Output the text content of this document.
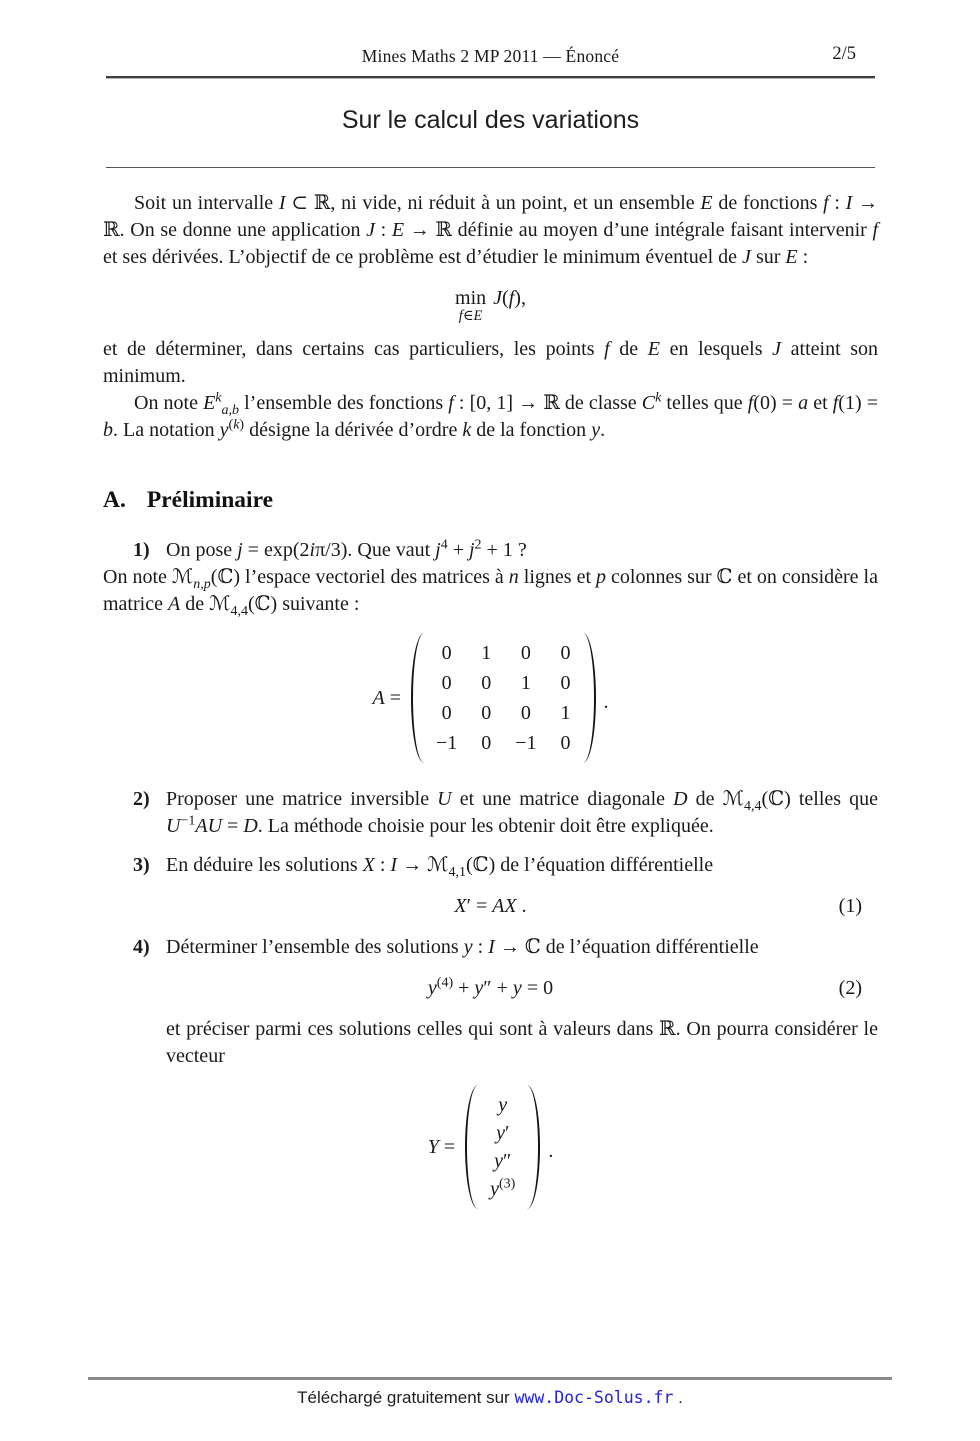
Mines Maths 2 MP 2011 — Énoncé	2/5
Sur le calcul des variations

Soit un intervalle I ⊂ ℝ, ni vide, ni réduit à un point, et un ensemble E de fonctions f : I → ℝ. On se donne une application J : E → ℝ définie au moyen d’une intégrale faisant intervenir f et ses dérivées. L’objectif de ce problème est d’étudier le minimum éventuel de J sur E :

min
f∈E
J(f),

et de déterminer, dans certains cas particuliers, les points f de E en lesquels J atteint son minimum.

On note $E^k_{a,b}$ l’ensemble des fonctions f : [0, 1] → ℝ de classe $C^k$ telles que f(0) = a et f(1) = b. La notation $y^{(k)}$ désigne la dérivée d’ordre k de la fonction y.

A. Préliminaire
1) On pose j = exp(2iπ/3). Que vaut $j^4 + j^2 + 1$ ?

On note ℳ$_{n,p}$(ℂ) l’espace vectoriel des matrices à n lignes et p colonnes sur ℂ et on considère la matrice A de ℳ$_{4,4}$(ℂ) suivante :

A =
0 1 0 0
0 0 1 0
0 0 0 1
−1 0 −1 0
.
2) Proposer une matrice inversible U et une matrice diagonale D de ℳ$_{4,4}$(ℂ) telles que $U^{-1}AU = D$. La méthode choisie pour les obtenir doit être expliquée.
3) En déduire les solutions X : I → ℳ$_{4,1}$(ℂ) de l’équation différentielle
X′ = AX .	(1)
4) Déterminer l’ensemble des solutions y : I → ℂ de l’équation différentielle
$y^{(4)} + y'' + y = 0$	(2)

et préciser parmi ces solutions celles qui sont à valeurs dans ℝ. On pourra considérer le vecteur

Y =
y
y′
y″
$y^{(3)}$
.
Téléchargé gratuitement sur www.Doc-Solus.fr .
